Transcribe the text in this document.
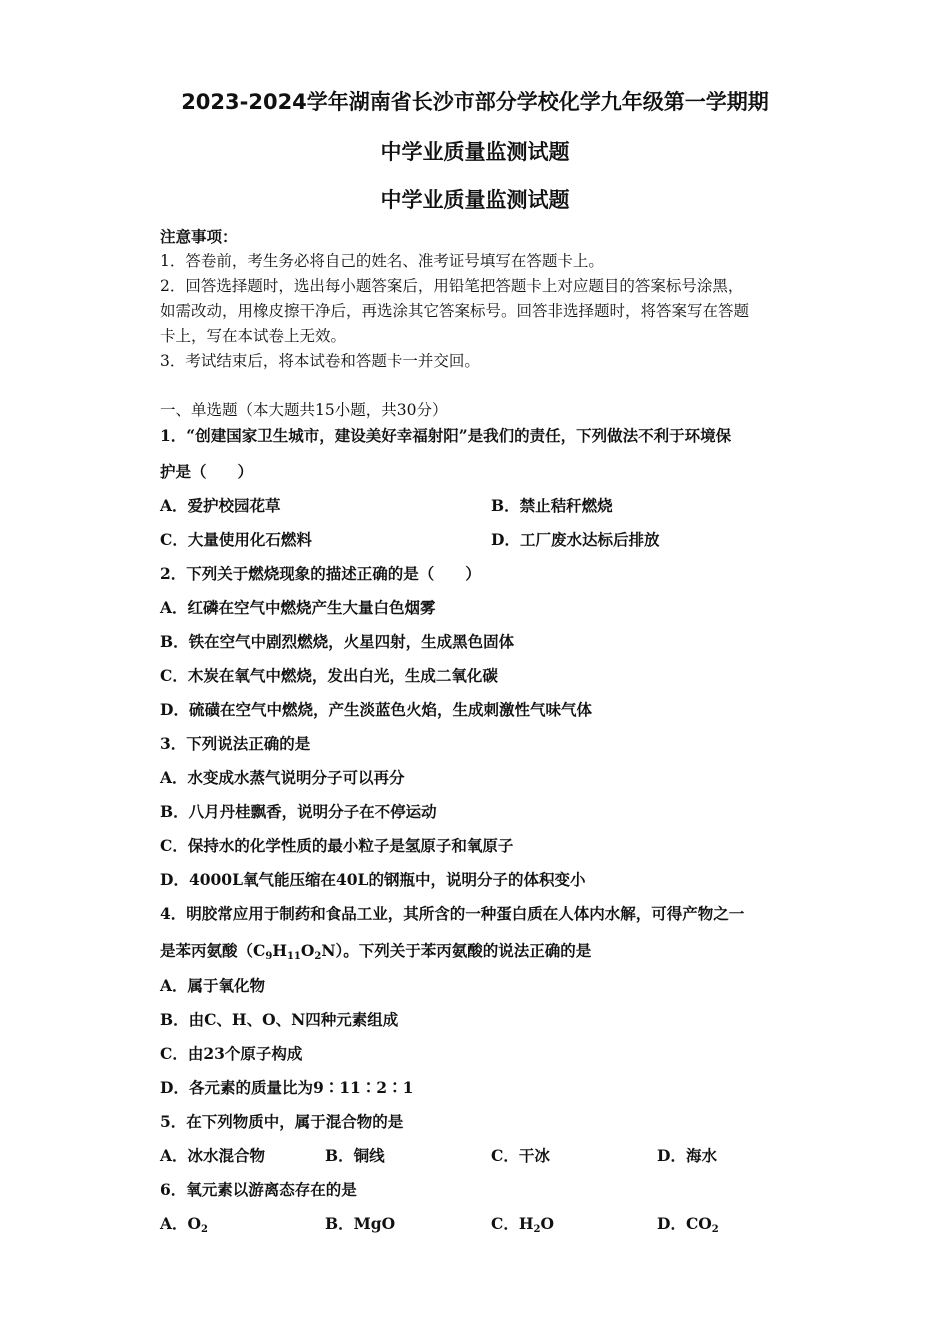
2023-2024学年湖南省长沙市部分学校化学九年级第一学期期
中学业质量监测试题
中学业质量监测试题
注意事项：
1．答卷前，考生务必将自己的姓名、准考证号填写在答题卡上。
2．回答选择题时，选出每小题答案后，用铅笔把答题卡上对应题目的答案标号涂黑，
如需改动，用橡皮擦干净后，再选涂其它答案标号。回答非选择题时，将答案写在答题
卡上，写在本试卷上无效。
3．考试结束后，将本试卷和答题卡一并交回。
一、单选题（本大题共15小题，共30分）
1．“创建国家卫生城市，建设美好幸福射阳”是我们的责任，下列做法不利于环境保
护是（　　）
A．爱护校园花草	B．禁止秸秆燃烧
C．大量使用化石燃料	D．工厂废水达标后排放
2．下列关于燃烧现象的描述正确的是（　　）
A．红磷在空气中燃烧产生大量白色烟雾
B．铁在空气中剧烈燃烧，火星四射，生成黑色固体
C．木炭在氧气中燃烧，发出白光，生成二氧化碳
D．硫磺在空气中燃烧，产生淡蓝色火焰，生成刺激性气味气体
3．下列说法正确的是
A．水变成水蒸气说明分子可以再分
B．八月丹桂飘香，说明分子在不停运动
C．保持水的化学性质的最小粒子是氢原子和氧原子
D．4000L氧气能压缩在40L的钢瓶中，说明分子的体积变小
4．明胶常应用于制药和食品工业，其所含的一种蛋白质在人体内水解，可得产物之一
是苯丙氨酸$(C_9H_{11}O_2N)$。下列关于苯丙氨酸的说法正确的是
A．属于氧化物
B．由C、H、O、N四种元素组成
C．由23个原子构成
D．各元素的质量比为9∶11∶2∶1
5．在下列物质中，属于混合物的是
A．冰水混合物	B．铜线	C．干冰	D．海水
6．氧元素以游离态存在的是
A．$O_2$	B．MgO	C．$H_2O$	D．$CO_2$
